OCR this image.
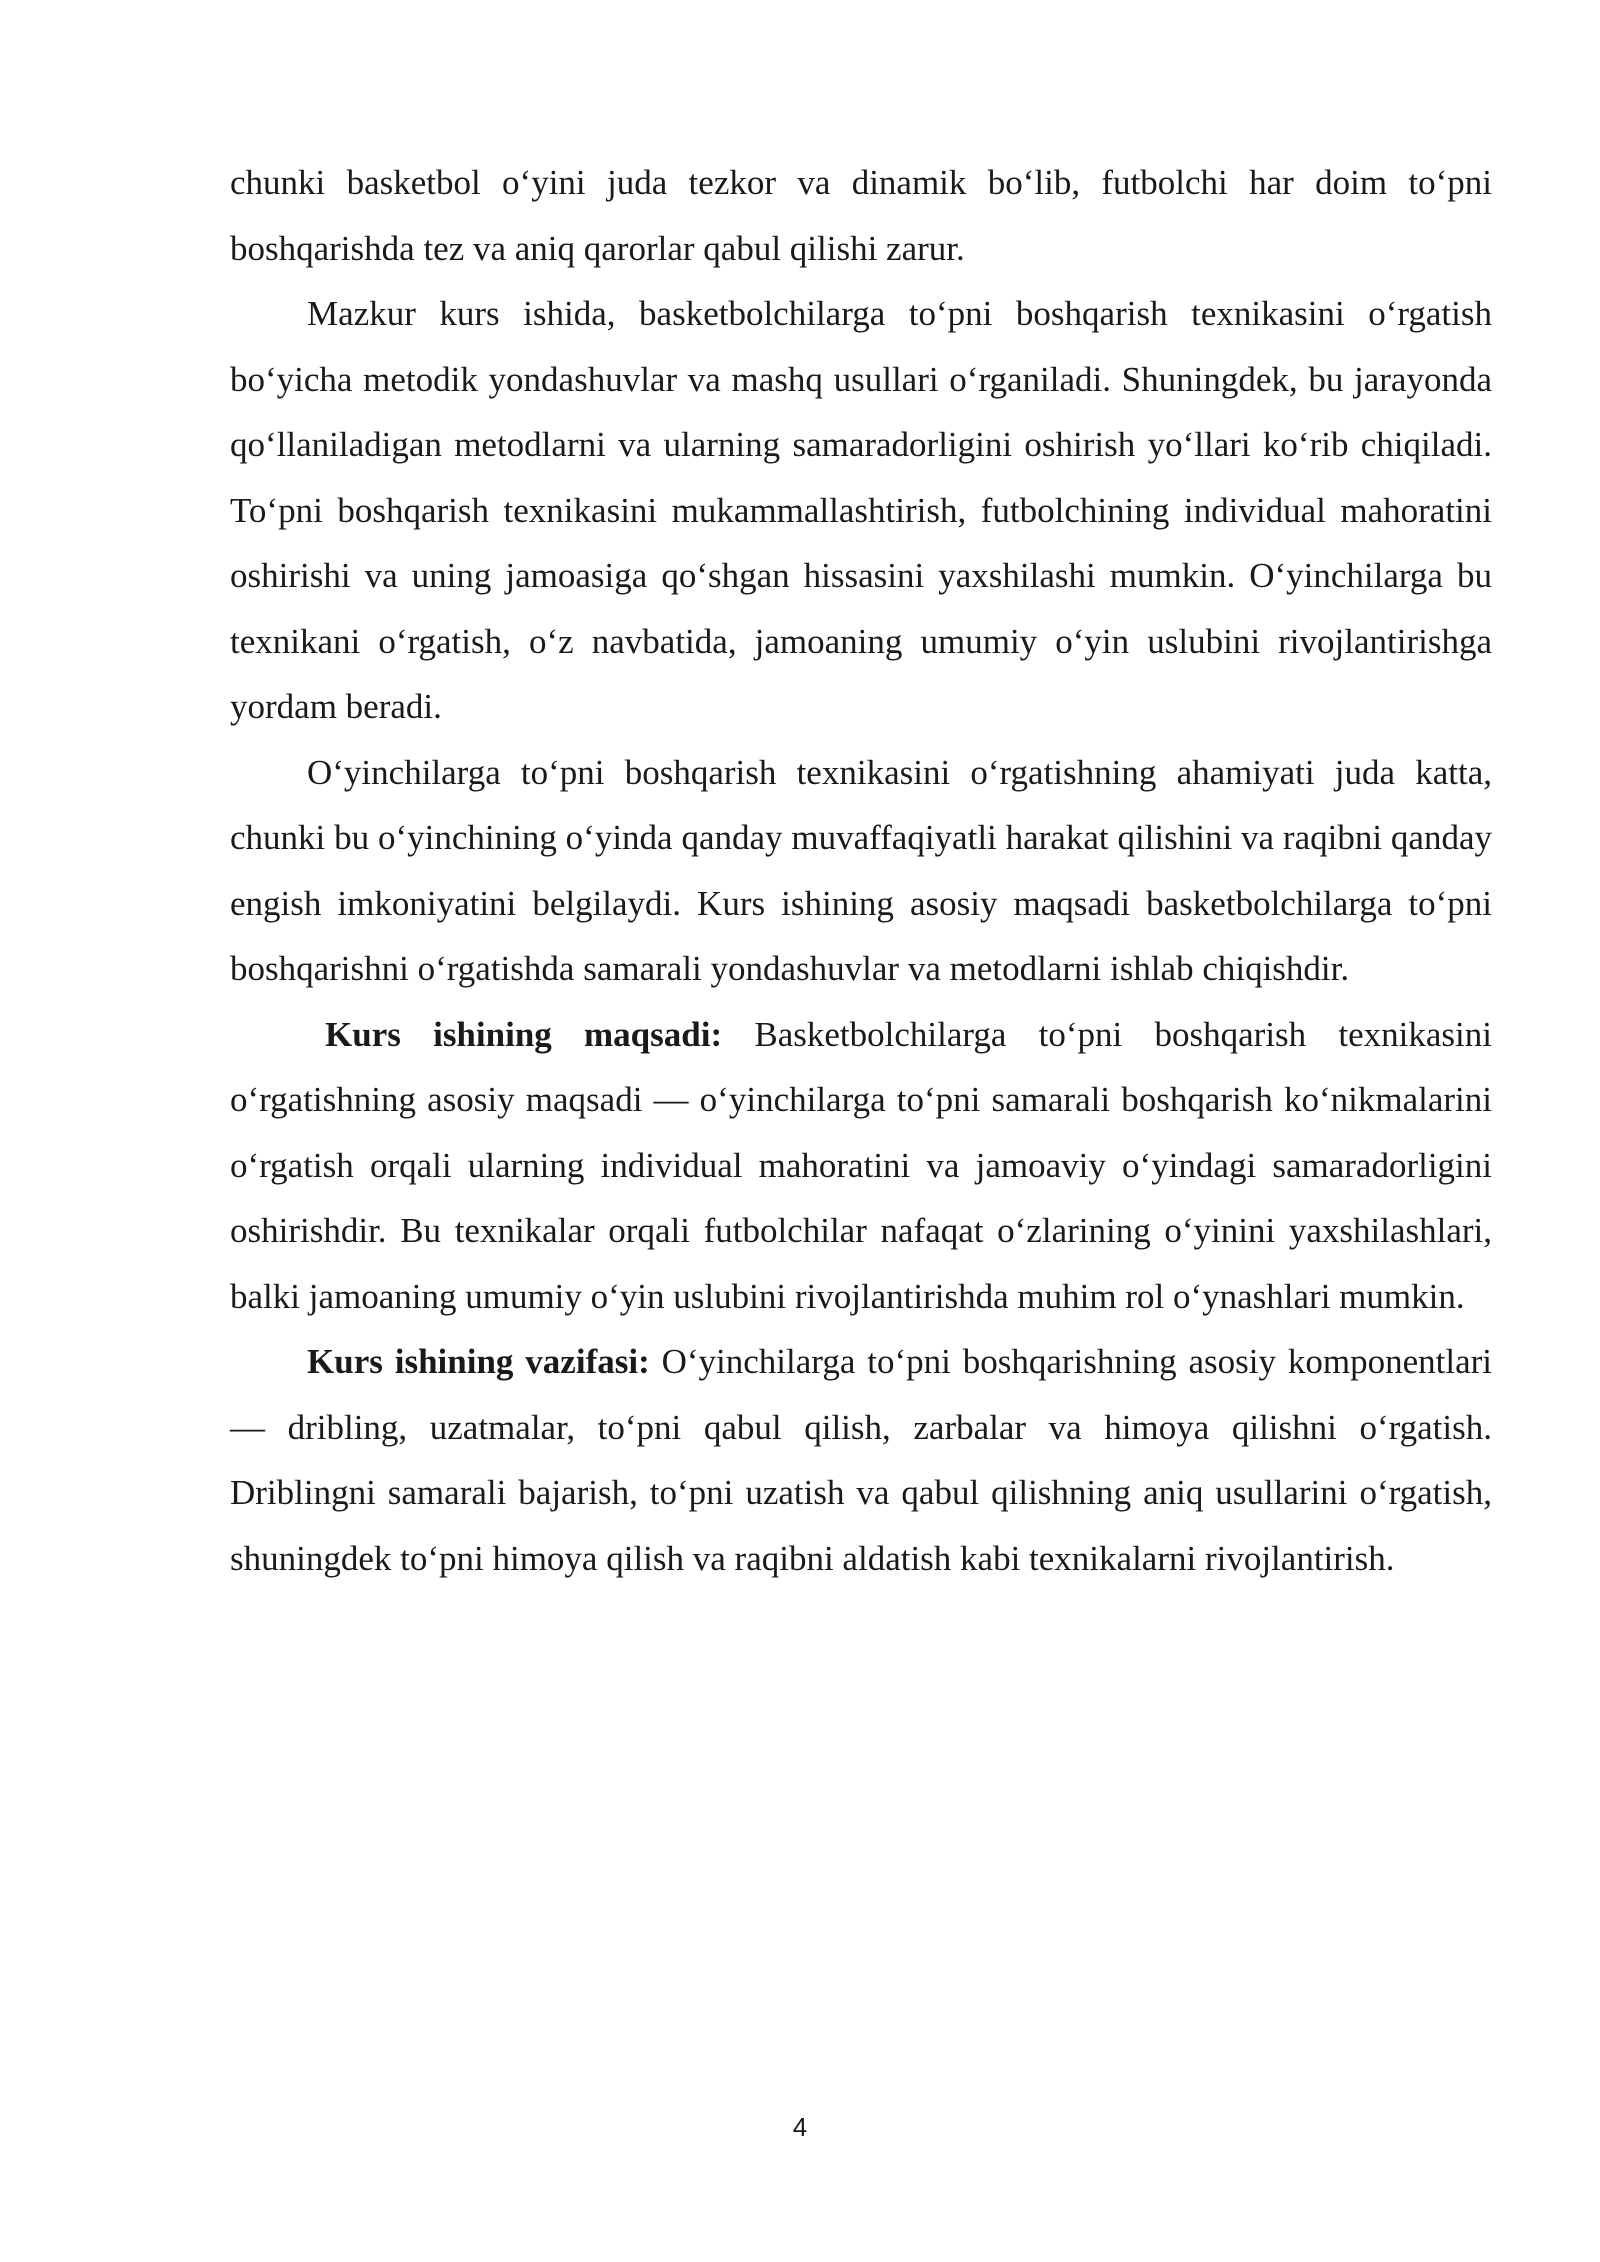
chunki basketbol o‘yini juda tezkor va dinamik bo‘lib, futbolchi har doim to‘pni boshqarishda tez va aniq qarorlar qabul qilishi zarur.

Mazkur kurs ishida, basketbolchilarga to‘pni boshqarish texnikasini o‘rgatish bo‘yicha metodik yondashuvlar va mashq usullari o‘rganiladi. Shuningdek, bu jarayonda qo‘llaniladigan metodlarni va ularning samaradorligini oshirish yo‘llari ko‘rib chiqiladi. To‘pni boshqarish texnikasini mukammallashtirish, futbolchining individual mahoratini oshirishi va uning jamoasiga qo‘shgan hissasini yaxshilashi mumkin. O‘yinchilarga bu texnikani o‘rgatish, o‘z navbatida, jamoaning umumiy o‘yin uslubini rivojlantirishga yordam beradi.

O‘yinchilarga to‘pni boshqarish texnikasini o‘rgatishning ahamiyati juda katta, chunki bu o‘yinchining o‘yinda qanday muvaffaqiyatli harakat qilishini va raqibni qanday engish imkoniyatini belgilaydi. Kurs ishining asosiy maqsadi basketbolchilarga to‘pni boshqarishni o‘rgatishda samarali yondashuvlar va metodlarni ishlab chiqishdir.

Kurs ishining maqsadi: Basketbolchilarga to‘pni boshqarish texnikasini o‘rgatishning asosiy maqsadi — o‘yinchilarga to‘pni samarali boshqarish ko‘nikmalarini o‘rgatish orqali ularning individual mahoratini va jamoaviy o‘yindagi samaradorligini oshirishdir. Bu texnikalar orqali futbolchilar nafaqat o‘zlarining o‘yinini yaxshilashlari, balki jamoaning umumiy o‘yin uslubini rivojlantirishda muhim rol o‘ynashlari mumkin.

Kurs ishining vazifasi: O‘yinchilarga to‘pni boshqarishning asosiy komponentlari — dribling, uzatmalar, to‘pni qabul qilish, zarbalar va himoya qilishni o‘rgatish. Driblingni samarali bajarish, to‘pni uzatish va qabul qilishning aniq usullarini o‘rgatish, shuningdek to‘pni himoya qilish va raqibni aldatish kabi texnikalarni rivojlantirish.

4
